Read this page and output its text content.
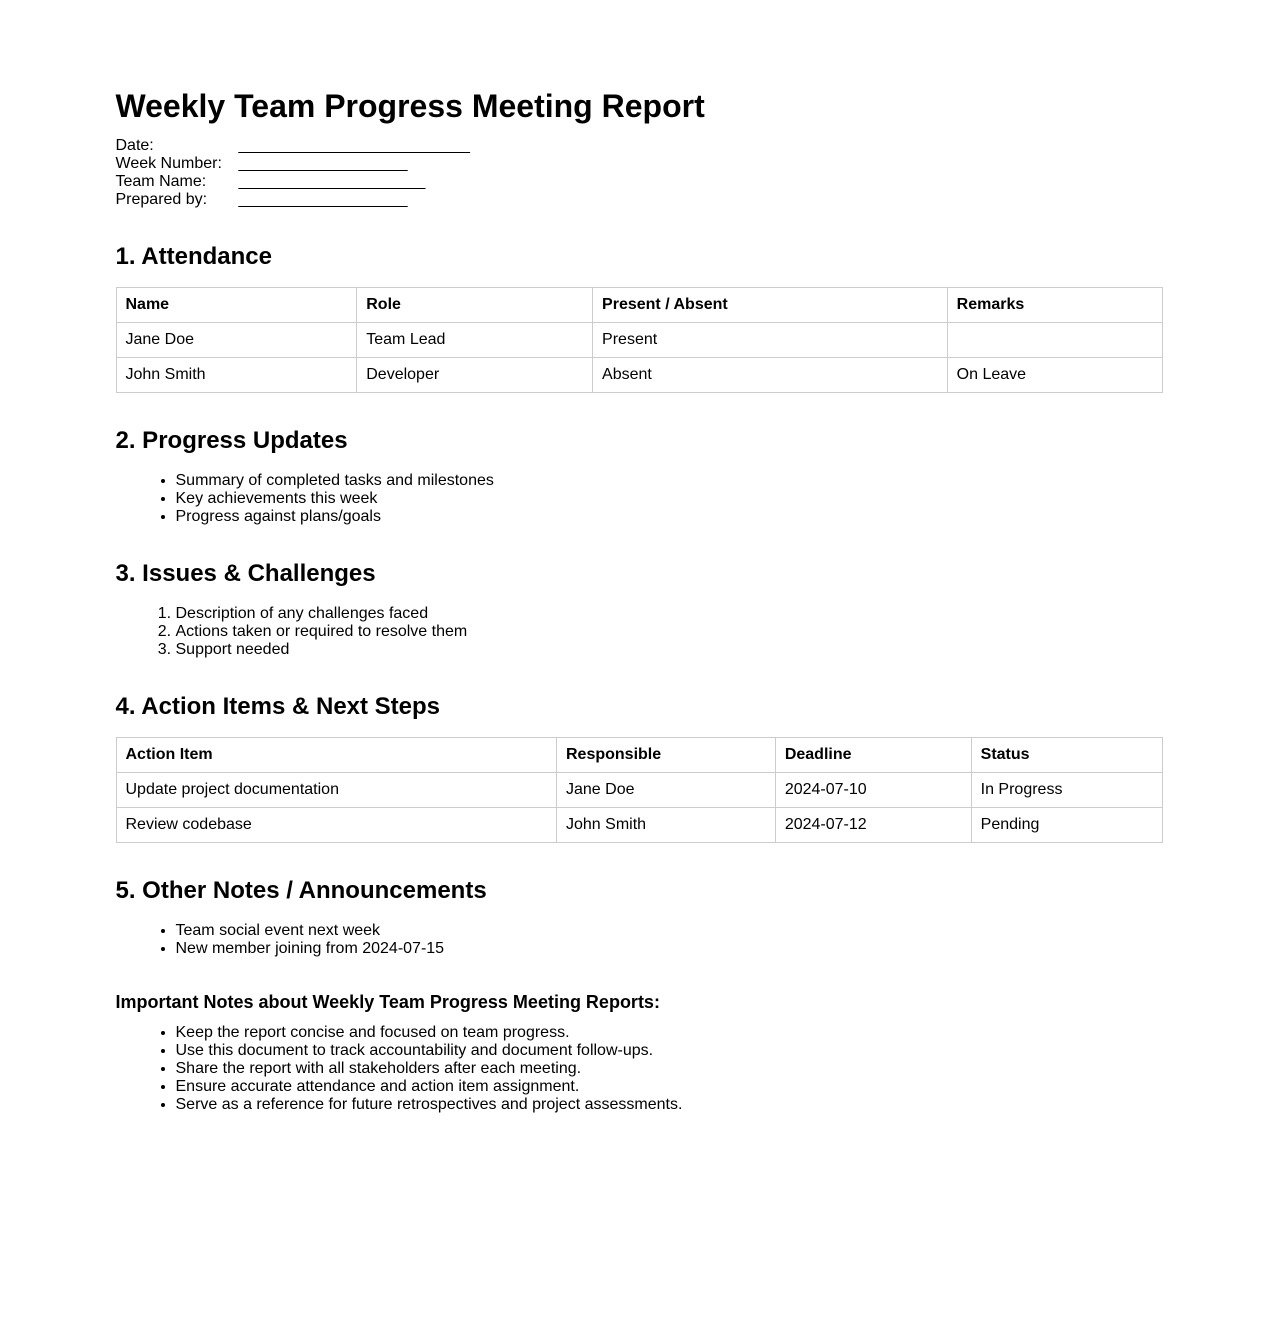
Weekly Team Progress Meeting Report
Date:	__________________________
Week Number:	___________________
Team Name:	_____________________
Prepared by:	___________________
1. Attendance
Name	Role	Present / Absent	Remarks
Jane Doe	Team Lead	Present	
John Smith	Developer	Absent	On Leave
2. Progress Updates
• Summary of completed tasks and milestones
• Key achievements this week
• Progress against plans/goals
3. Issues & Challenges
1. Description of any challenges faced
2. Actions taken or required to resolve them
3. Support needed
4. Action Items & Next Steps
Action Item	Responsible	Deadline	Status
Update project documentation	Jane Doe	2024-07-10	In Progress
Review codebase	John Smith	2024-07-12	Pending
5. Other Notes / Announcements
• Team social event next week
• New member joining from 2024-07-15
Important Notes about Weekly Team Progress Meeting Reports:
• Keep the report concise and focused on team progress.
• Use this document to track accountability and document follow-ups.
• Share the report with all stakeholders after each meeting.
• Ensure accurate attendance and action item assignment.
• Serve as a reference for future retrospectives and project assessments.
